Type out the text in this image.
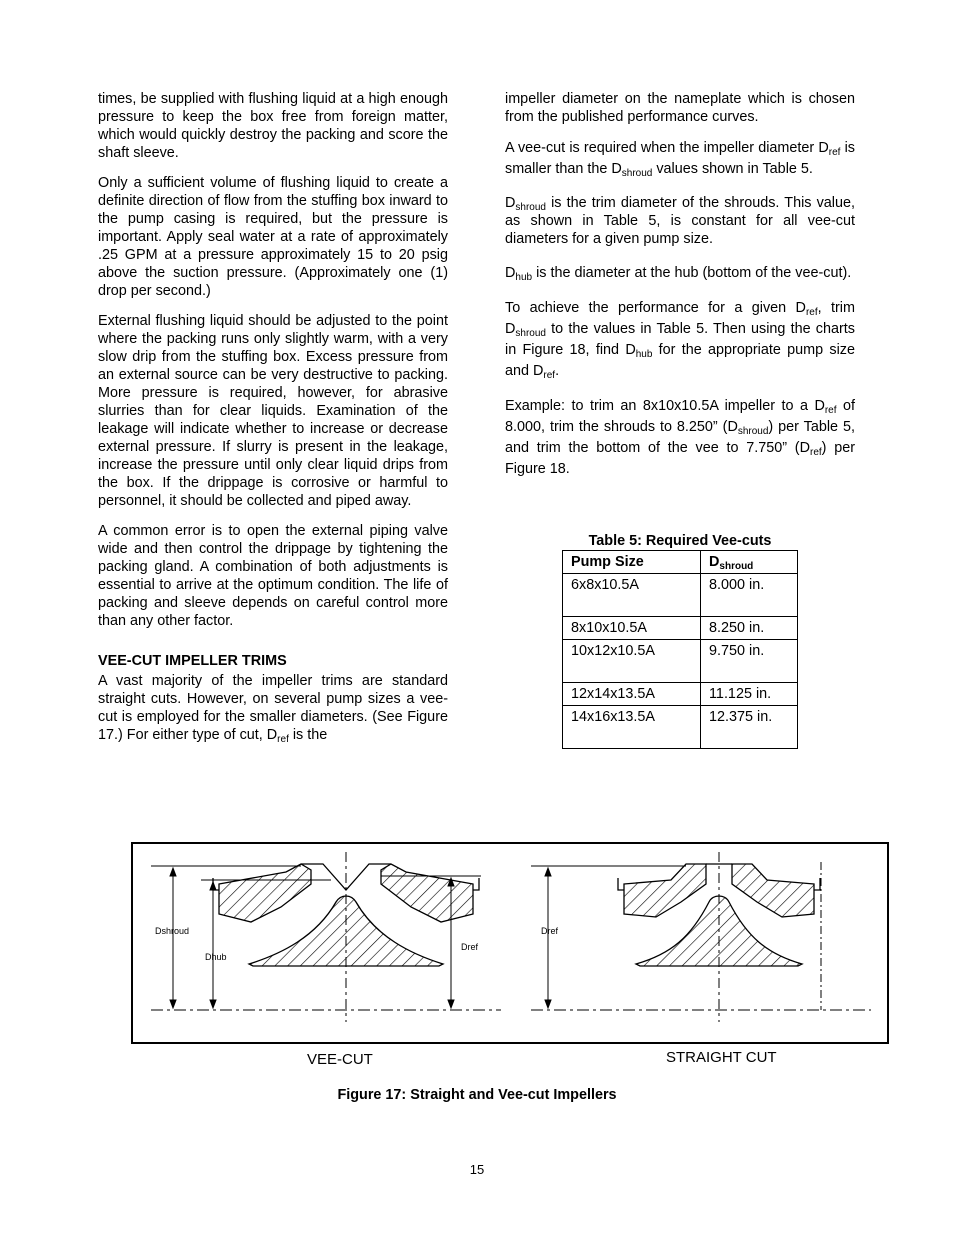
times, be supplied with flushing liquid at a high enough pressure to keep the box free from foreign matter, which would quickly destroy the packing and score the shaft sleeve.

Only a sufficient volume of flushing liquid to create a definite direction of flow from the stuffing box inward to the pump casing is required, but the pressure is important. Apply seal water at a rate of approximately .25 GPM at a pressure approximately 15 to 20 psig above the suction pressure. (Approximately one (1) drop per second.)

External flushing liquid should be adjusted to the point where the packing runs only slightly warm, with a very slow drip from the stuffing box. Excess pressure from an external source can be very destructive to packing. More pressure is required, however, for abrasive slurries than for clear liquids. Examination of the leakage will indicate whether to increase or decrease external pressure. If slurry is present in the leakage, increase the pressure until only clear liquid drips from the box. If the drippage is corrosive or harmful to personnel, it should be collected and piped away.

A common error is to open the external piping valve wide and then control the drippage by tightening the packing gland. A combination of both adjustments is essential to arrive at the optimum condition. The life of packing and sleeve depends on careful control more than any other factor.

VEE-CUT IMPELLER TRIMS

A vast majority of the impeller trims are standard straight cuts. However, on several pump sizes a vee-cut is employed for the smaller diameters. (See Figure 17.) For either type of cut, $D_{ref}$ is the

impeller diameter on the nameplate which is chosen from the published performance curves.

A vee-cut is required when the impeller diameter $D_{ref}$ is smaller than the $D_{shroud}$ values shown in Table 5.

$D_{shroud}$ is the trim diameter of the shrouds. This value, as shown in Table 5, is constant for all vee-cut diameters for a given pump size.

$D_{hub}$ is the diameter at the hub (bottom of the vee-cut).

To achieve the performance for a given $D_{ref}$, trim $D_{shroud}$ to the values in Table 5. Then using the charts in Figure 18, find $D_{hub}$ for the appropriate pump size and $D_{ref}$.

Example: to trim an 8x10x10.5A impeller to a $D_{ref}$ of 8.000, trim the shrouds to 8.250” $(D_{shroud})$ per Table 5, and trim the bottom of the vee to 7.750” $(D_{ref})$ per Figure 18.

Table 5: Required Vee-cuts
Pump Size	$D_{shroud}$
6x8x10.5A	8.000 in.
8x10x10.5A	8.250 in.
10x12x10.5A	9.750 in.
12x14x13.5A	11.125 in.
14x16x13.5A	12.375 in.
Dshroud
Dhub
Dref
Dref
VEE-CUT	STRAIGHT CUT
Figure 17: Straight and Vee-cut Impellers
15
